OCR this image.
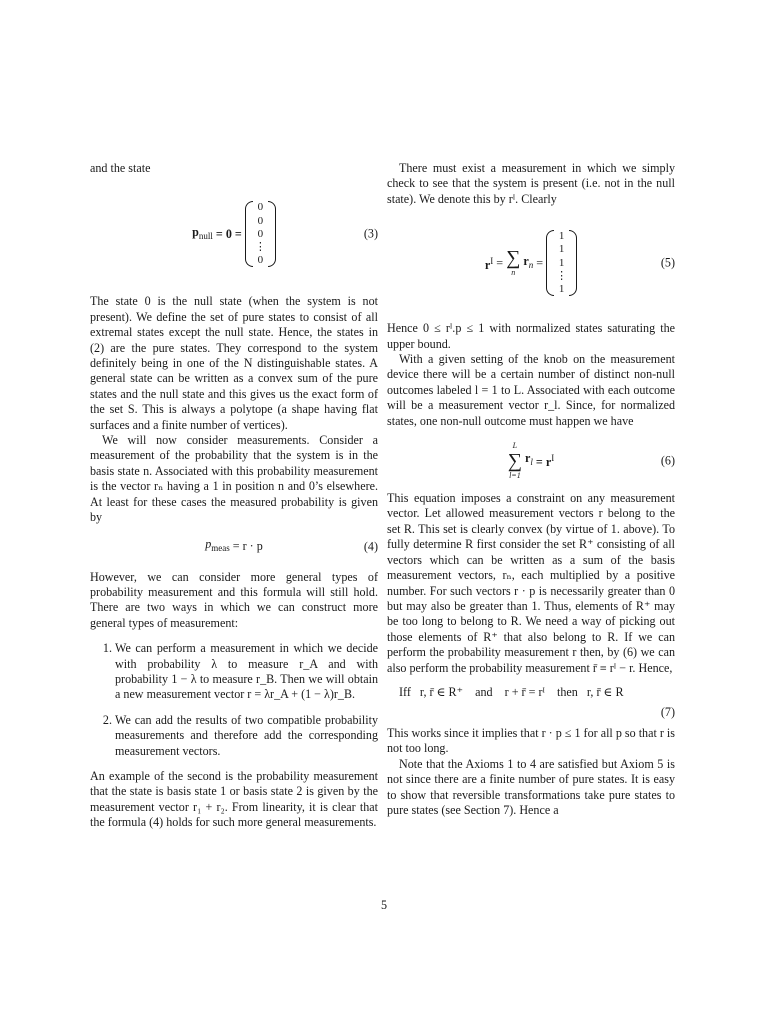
and the state

$p_{null} = 0$ =
0
0
0
⋮
0
(3)

The state 0 is the null state (when the system is not present). We define the set of pure states to consist of all extremal states except the null state. Hence, the states in (2) are the pure states. They correspond to the system definitely being in one of the N distinguishable states. A general state can be written as a convex sum of the pure states and the null state and this gives us the exact form of the set S. This is always a polytope (a shape having flat surfaces and a finite number of vertices).

We will now consider measurements. Consider a measurement of the probability that the system is in the basis state n. Associated with this probability measurement is the vector rₙ having a 1 in position n and 0’s elsewhere. At least for these cases the measured probability is given by

$p_{meas} = r \cdot p$	(4)

However, we can consider more general types of probability measurement and this formula will still hold. There are two ways in which we can construct more general types of measurement:

1. We can perform a measurement in which we decide with probability λ to measure r_A and with probability 1 − λ to measure r_B. Then we will obtain a new measurement vector r = λr_A + (1 − λ)r_B.
2. We can add the results of two compatible probability measurements and therefore add the corresponding measurement vectors.

An example of the second is the probability measurement that the state is basis state 1 or basis state 2 is given by the measurement vector r₁ + r₂. From linearity, it is clear that the formula (4) holds for such more general measurements.

There must exist a measurement in which we simply check to see that the system is present (i.e. not in the null state). We denote this by rᴵ. Clearly

$r^I$ = ∑
n
$r_n$ =
1
1
1
⋮
1
(5)

Hence 0 ≤ rᴵ.p ≤ 1 with normalized states saturating the upper bound.

With a given setting of the knob on the measurement device there will be a certain number of distinct non-null outcomes labeled l = 1 to L. Associated with each outcome will be a measurement vector r_l. Since, for normalized states, one non-null outcome must happen we have

L
∑
l=1
$r_l = r^I$	(6)

This equation imposes a constraint on any measurement vector. Let allowed measurement vectors r belong to the set R. This set is clearly convex (by virtue of 1. above). To fully determine R first consider the set R⁺ consisting of all vectors which can be written as a sum of the basis measurement vectors, rₙ, each multiplied by a positive number. For such vectors r · p is necessarily greater than 0 but may also be greater than 1. Thus, elements of R⁺ may be too long to belong to R. We need a way of picking out those elements of R⁺ that also belong to R. If we can perform the probability measurement r then, by (6) we can also perform the probability measurement r̄ ≡ rᴵ − r. Hence,

Iff   r, r̄ ∈ R⁺    and    r + r̄ = rᴵ    then   r, r̄ ∈ R
(7)

This works since it implies that r · p ≤ 1 for all p so that r is not too long.

Note that the Axioms 1 to 4 are satisfied but Axiom 5 is not since there are a finite number of pure states. It is easy to show that reversible transformations take pure states to pure states (see Section 7). Hence a

5
